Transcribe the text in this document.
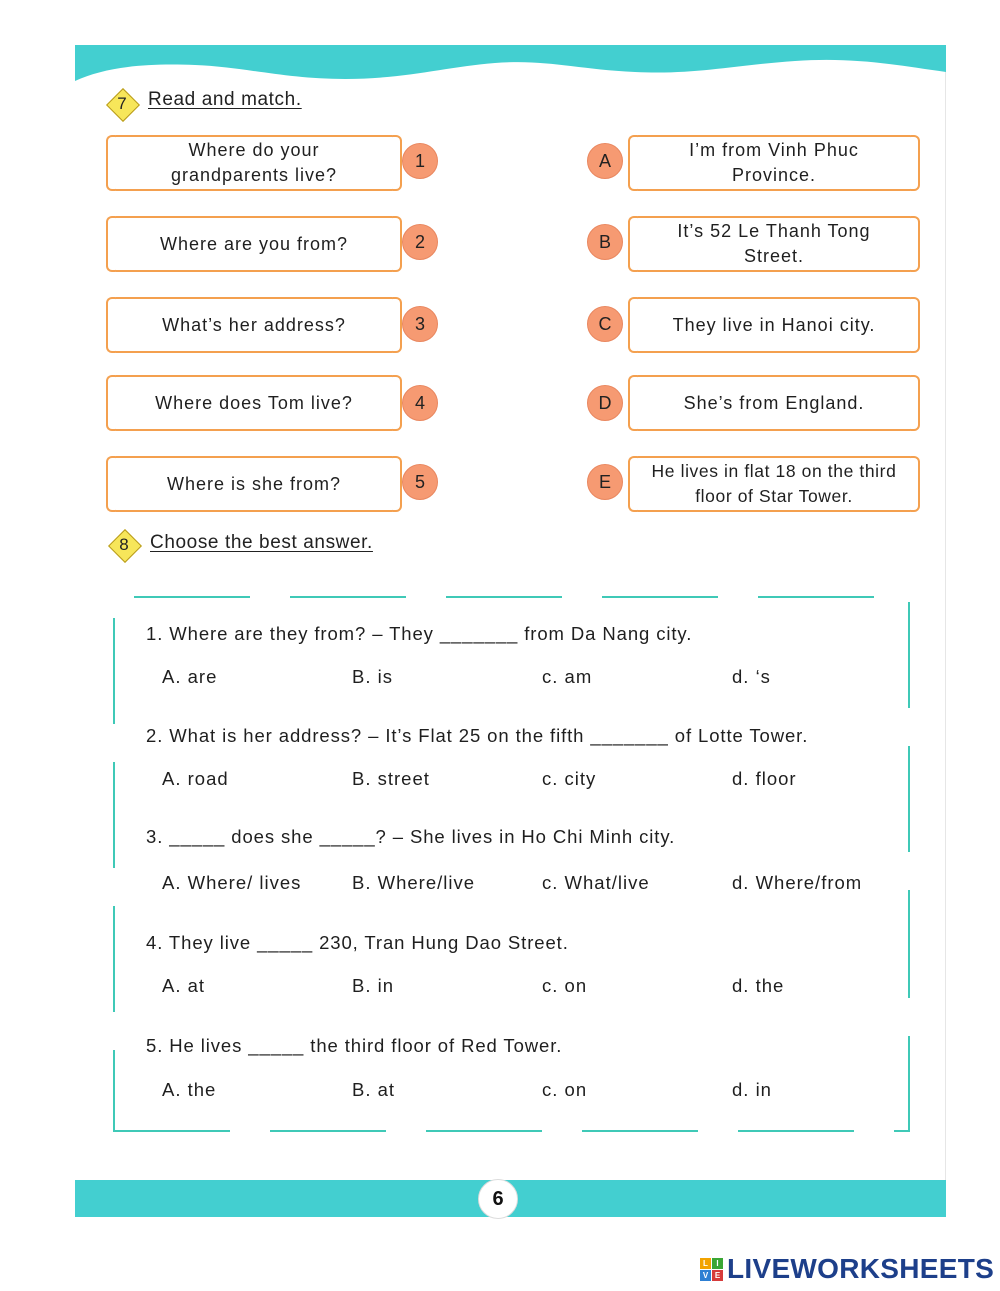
7	Read and match.
Where do your grandparents live?
Where are you from?
What’s her address?
Where does Tom live?
Where is she from?
1
2
3
4
5
A
B
C
D
E
I’m from Vinh Phuc Province.
It’s 52 Le Thanh Tong Street.
They live in Hanoi city.
She’s from England.
He lives in flat 18 on the third floor of Star Tower.
8	Choose the best answer.
1. Where are they from? – They _______ from Da Nang city.
A. are	B. is	c. am	d. ‘s
2. What is her address? – It’s Flat 25 on the fifth _______ of Lotte Tower.
A. road	B. street	c. city	d. floor
3. _____ does she _____? – She lives in Ho Chi Minh city.
A. Where/ lives	B. Where/live	c. What/live	d. Where/from
4. They live _____ 230, Tran Hung Dao Street.
A. at	B. in	c. on	d. the
5. He lives _____ the third floor of Red Tower.
A. the	B. at	c. on	d. in
6
L	I
V E LIVEWORKSHEETS
